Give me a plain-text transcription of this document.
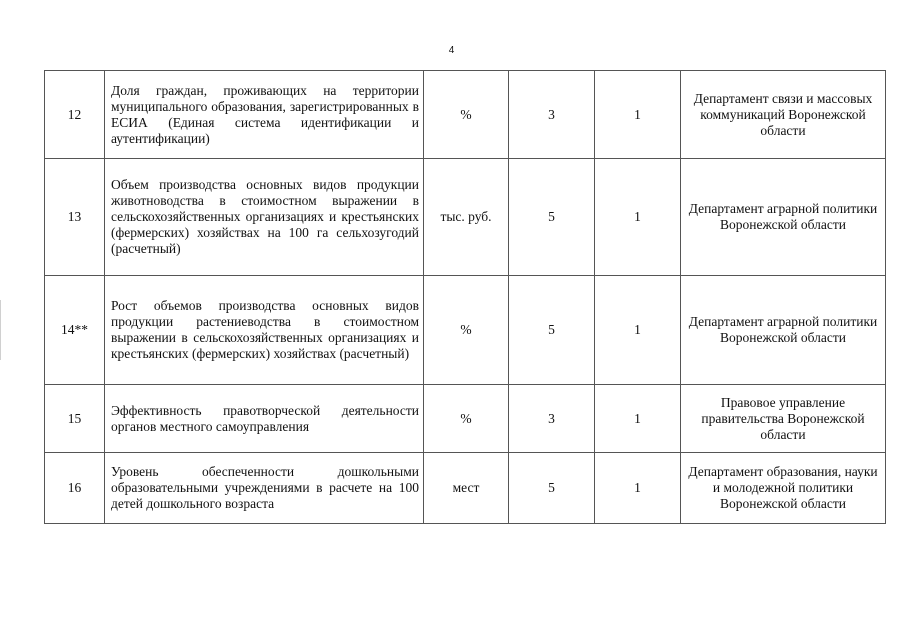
4
12	Доля граждан, проживающих на территории муниципального образования, зарегистрированных в ЕСИА (Единая система идентификации и аутентификации)	%	3	1	Департамент связи и массовых коммуникаций Воронежской области
13	Объем производства основных видов продукции животноводства в стоимостном выражении в сельскохозяйственных организациях и крестьянских (фермерских) хозяйствах на 100 га сельхозугодий (расчетный)	тыс. руб.	5	1	Департамент аграрной политики Воронежской области
14**	Рост объемов производства основных видов продукции растениеводства в стоимостном выражении в сельскохозяйственных организациях и крестьянских (фермерских) хозяйствах (расчетный)	%	5	1	Департамент аграрной политики Воронежской области
15	Эффективность правотворческой деятельности органов местного самоуправления	%	3	1	Правовое управление правительства Воронежской области
16	Уровень обеспеченности дошкольными образовательными учреждениями в расчете на 100 детей дошкольного возраста	мест	5	1	Департамент образования, науки и молодежной политики Воронежской области
